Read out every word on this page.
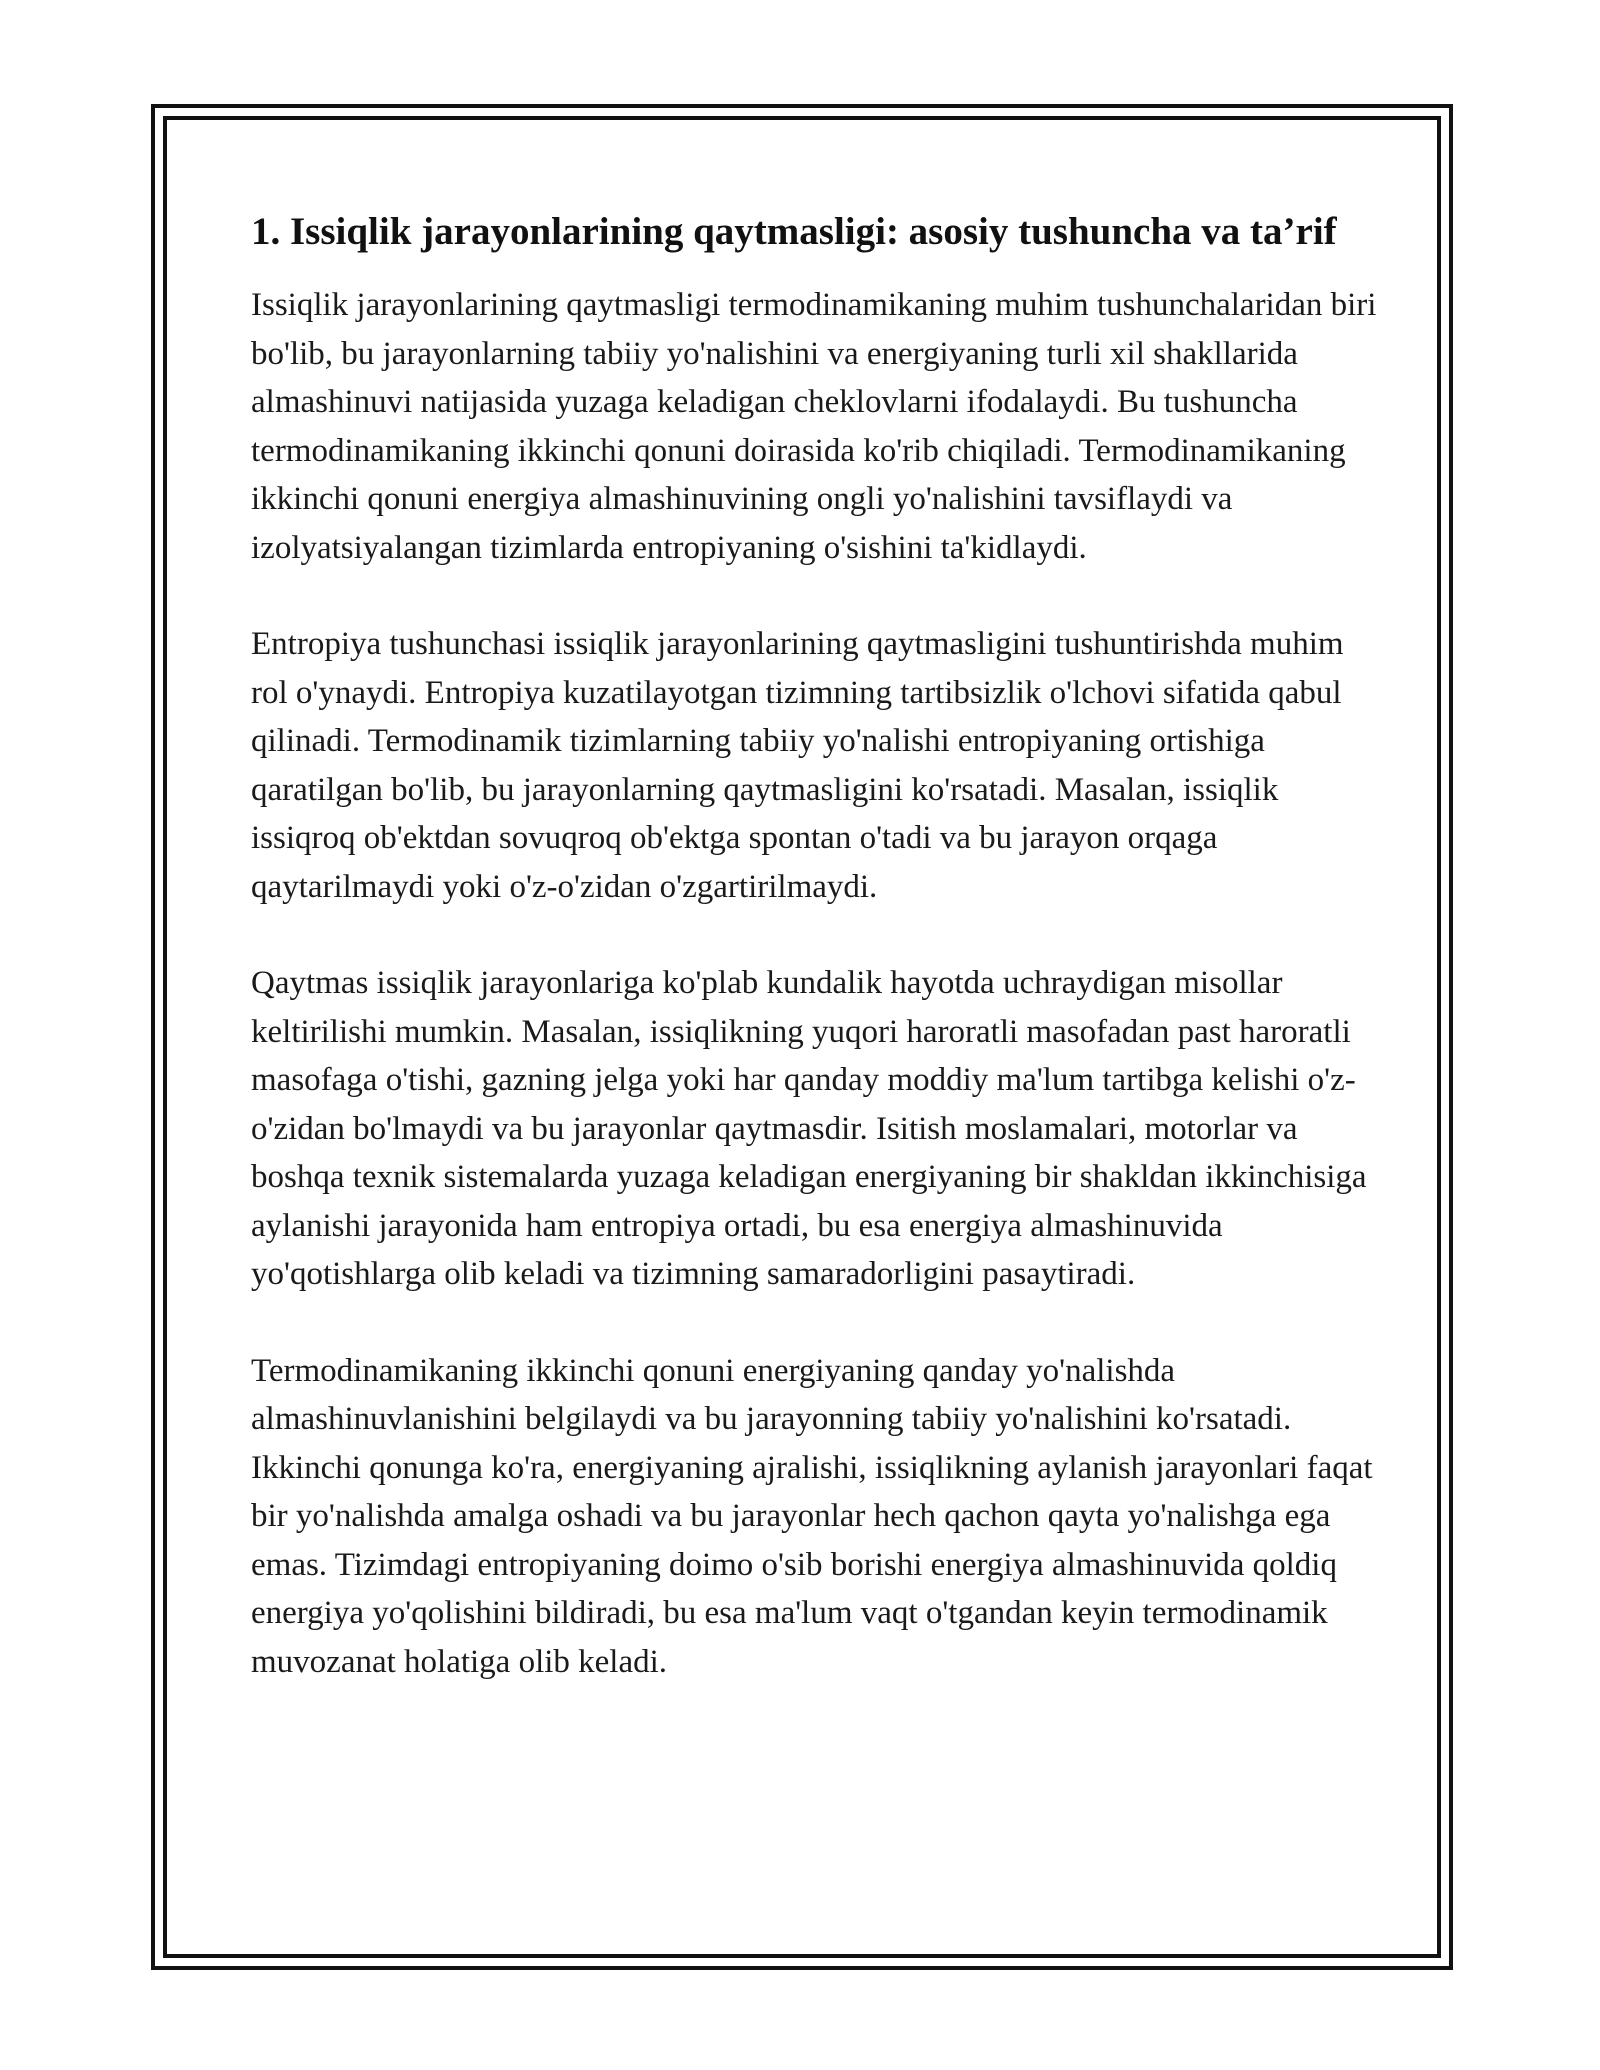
1. Issiqlik jarayonlarining qaytmasligi: asosiy tushuncha va ta’rif

Issiqlik jarayonlarining qaytmasligi termodinamikaning muhim tushunchalaridan biri bo'lib, bu jarayonlarning tabiiy yo'nalishini va energiyaning turli xil shakllarida almashinuvi natijasida yuzaga keladigan cheklovlarni ifodalaydi. Bu tushuncha termodinamikaning ikkinchi qonuni doirasida ko'rib chiqiladi. Termodinamikaning ikkinchi qonuni energiya almashinuvining ongli yo'nalishini tavsiflaydi va izolyatsiyalangan tizimlarda entropiyaning o'sishini ta'kidlaydi.

Entropiya tushunchasi issiqlik jarayonlarining qaytmasligini tushuntirishda muhim rol o'ynaydi. Entropiya kuzatilayotgan tizimning tartibsizlik o'lchovi sifatida qabul qilinadi. Termodinamik tizimlarning tabiiy yo'nalishi entropiyaning ortishiga qaratilgan bo'lib, bu jarayonlarning qaytmasligini ko'rsatadi. Masalan, issiqlik issiqroq ob'ektdan sovuqroq ob'ektga spontan o'tadi va bu jarayon orqaga qaytarilmaydi yoki o'z-o'zidan o'zgartirilmaydi.

Qaytmas issiqlik jarayonlariga ko'plab kundalik hayotda uchraydigan misollar keltirilishi mumkin. Masalan, issiqlikning yuqori haroratli masofadan past haroratli masofaga o'tishi, gazning jelga yoki har qanday moddiy ma'lum tartibga kelishi o'z-o'zidan bo'lmaydi va bu jarayonlar qaytmasdir. Isitish moslamalari, motorlar va boshqa texnik sistemalarda yuzaga keladigan energiyaning bir shakldan ikkinchisiga aylanishi jarayonida ham entropiya ortadi, bu esa energiya almashinuvida yo'qotishlarga olib keladi va tizimning samaradorligini pasaytiradi.

Termodinamikaning ikkinchi qonuni energiyaning qanday yo'nalishda almashinuvlanishini belgilaydi va bu jarayonning tabiiy yo'nalishini ko'rsatadi. Ikkinchi qonunga ko'ra, energiyaning ajralishi, issiqlikning aylanish jarayonlari faqat bir yo'nalishda amalga oshadi va bu jarayonlar hech qachon qayta yo'nalishga ega emas. Tizimdagi entropiyaning doimo o'sib borishi energiya almashinuvida qoldiq energiya yo'qolishini bildiradi, bu esa ma'lum vaqt o'tgandan keyin termodinamik muvozanat holatiga olib keladi.
